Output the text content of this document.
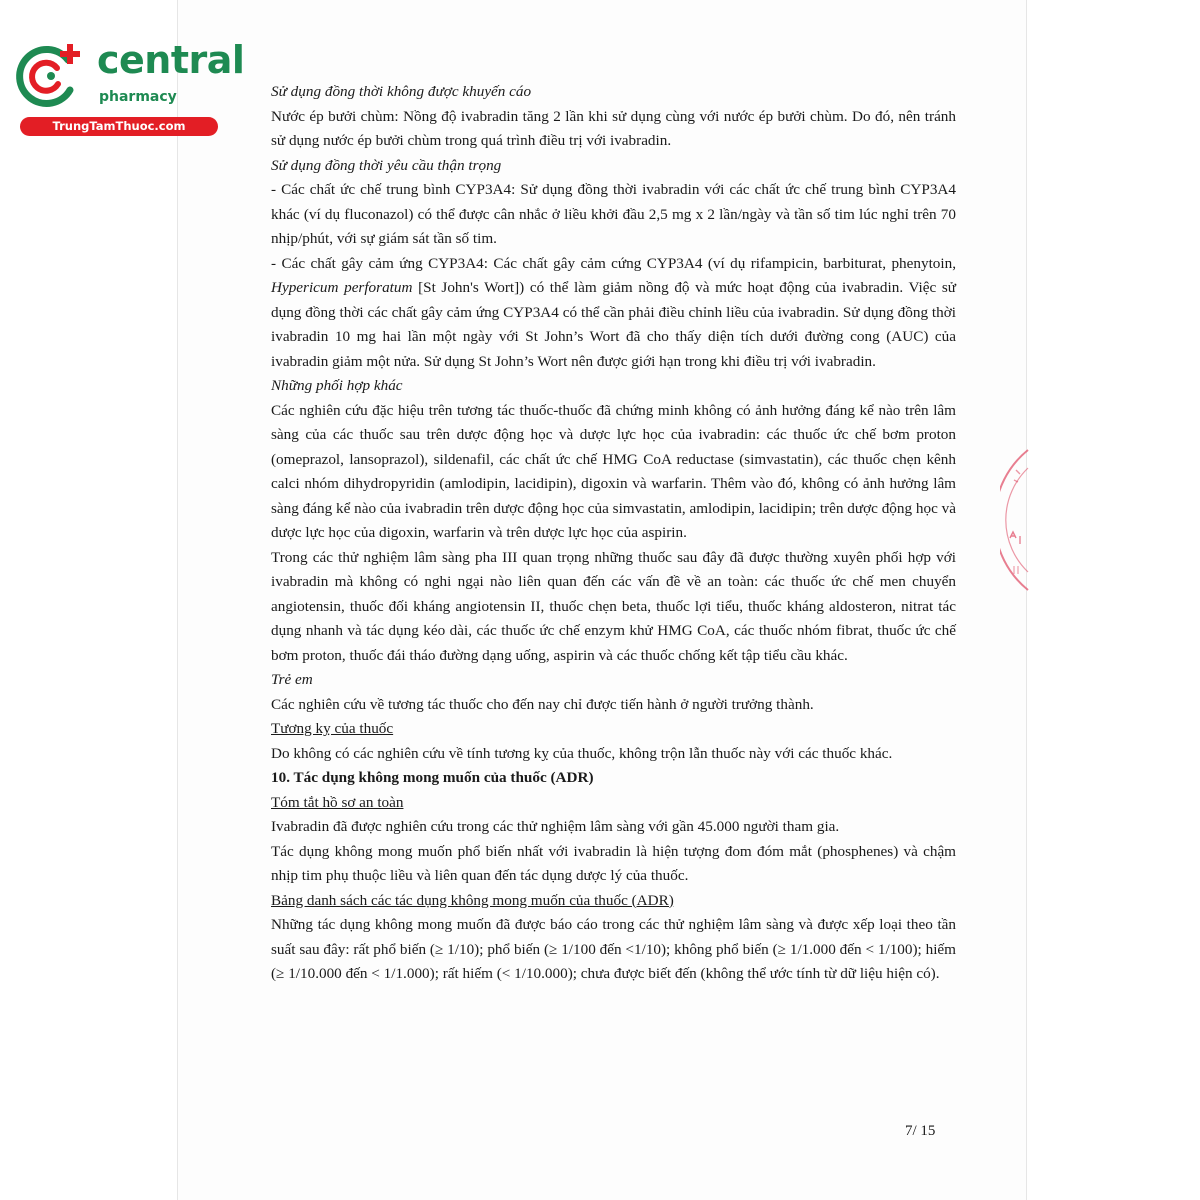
central
pharmacy
TrungTamThuoc.com

Sử dụng đồng thời không được khuyến cáo

Nước ép bưởi chùm: Nồng độ ivabradin tăng 2 lần khi sử dụng cùng với nước ép bưởi chùm. Do đó, nên tránh sử dụng nước ép bưởi chùm trong quá trình điều trị với ivabradin.

Sử dụng đồng thời yêu cầu thận trọng

- Các chất ức chế trung bình CYP3A4: Sử dụng đồng thời ivabradin với các chất ức chế trung bình CYP3A4 khác (ví dụ fluconazol) có thể được cân nhắc ở liều khởi đầu 2,5 mg x 2 lần/ngày và tần số tim lúc nghỉ trên 70 nhịp/phút, với sự giám sát tần số tim.

- Các chất gây cảm ứng CYP3A4: Các chất gây cảm cứng CYP3A4 (ví dụ rifampicin, barbiturat, phenytoin, Hypericum perforatum [St John's Wort]) có thể làm giảm nồng độ và mức hoạt động của ivabradin. Việc sử dụng đồng thời các chất gây cảm ứng CYP3A4 có thể cần phải điều chỉnh liều của ivabradin. Sử dụng đồng thời ivabradin 10 mg hai lần một ngày với St John’s Wort đã cho thấy diện tích dưới đường cong (AUC) của ivabradin giảm một nửa. Sử dụng St John’s Wort nên được giới hạn trong khi điều trị với ivabradin.

Những phối hợp khác

Các nghiên cứu đặc hiệu trên tương tác thuốc-thuốc đã chứng minh không có ảnh hưởng đáng kể nào trên lâm sàng của các thuốc sau trên dược động học và dược lực học của ivabradin: các thuốc ức chế bơm proton (omeprazol, lansoprazol), sildenafil, các chất ức chế HMG CoA reductase (simvastatin), các thuốc chẹn kênh calci nhóm dihydropyridin (amlodipin, lacidipin), digoxin và warfarin. Thêm vào đó, không có ảnh hưởng lâm sàng đáng kể nào của ivabradin trên dược động học của simvastatin, amlodipin, lacidipin; trên dược động học và dược lực học của digoxin, warfarin và trên dược lực học của aspirin.

Trong các thử nghiệm lâm sàng pha III quan trọng những thuốc sau đây đã được thường xuyên phối hợp với ivabradin mà không có nghi ngại nào liên quan đến các vấn đề về an toàn: các thuốc ức chế men chuyển angiotensin, thuốc đối kháng angiotensin II, thuốc chẹn beta, thuốc lợi tiểu, thuốc kháng aldosteron, nitrat tác dụng nhanh và tác dụng kéo dài, các thuốc ức chế enzym khử HMG CoA, các thuốc nhóm fibrat, thuốc ức chế bơm proton, thuốc đái tháo đường dạng uống, aspirin và các thuốc chống kết tập tiểu cầu khác.

Trẻ em

Các nghiên cứu về tương tác thuốc cho đến nay chỉ được tiến hành ở người trưởng thành.

Tương kỵ của thuốc

Do không có các nghiên cứu về tính tương kỵ của thuốc, không trộn lẫn thuốc này với các thuốc khác.

10. Tác dụng không mong muốn của thuốc (ADR)

Tóm tắt hồ sơ an toàn

Ivabradin đã được nghiên cứu trong các thử nghiệm lâm sàng với gần 45.000 người tham gia.

Tác dụng không mong muốn phổ biến nhất với ivabradin là hiện tượng đom đóm mắt (phosphenes) và chậm nhịp tim phụ thuộc liều và liên quan đến tác dụng dược lý của thuốc.

Bảng danh sách các tác dụng không mong muốn của thuốc (ADR)

Những tác dụng không mong muốn đã được báo cáo trong các thử nghiệm lâm sàng và được xếp loại theo tần suất sau đây: rất phổ biến (≥ 1/10); phổ biến (≥ 1/100 đến <1/10); không phổ biến (≥ 1/1.000 đến < 1/100); hiếm (≥ 1/10.000 đến < 1/1.000); rất hiếm (< 1/10.000); chưa được biết đến (không thể ước tính từ dữ liệu hiện có).

7/ 15
